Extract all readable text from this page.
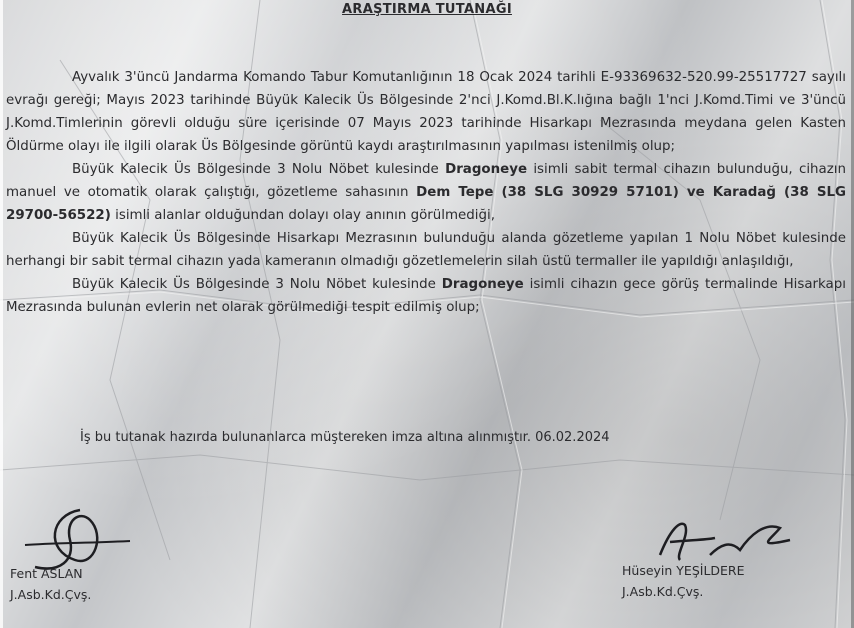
ARAŞTIRMA TUTANAĞI

Ayvalık 3'üncü Jandarma Komando Tabur Komutanlığının 18 Ocak 2024 tarihli E-93369632-520.99-25517727 sayılı evrağı gereği; Mayıs 2023 tarihinde Büyük Kalecik Üs Bölgesinde 2'nci J.Komd.Bl.K.lığına bağlı 1'nci J.Komd.Timi ve 3'üncü J.Komd.Timlerinin görevli olduğu süre içerisinde 07 Mayıs 2023 tarihinde Hisarkapı Mezrasında meydana gelen Kasten Öldürme olayı ile ilgili olarak Üs Bölgesinde görüntü kaydı araştırılmasının yapılması istenilmiş olup;

Büyük Kalecik Üs Bölgesinde 3 Nolu Nöbet kulesinde Dragoneye isimli sabit termal cihazın bulunduğu, cihazın manuel ve otomatik olarak çalıştığı, gözetleme sahasının Dem Tepe (38 SLG 30929 57101) ve Karadağ (38 SLG 29700-56522) isimli alanlar olduğundan dolayı olay anının görülmediği,

Büyük Kalecik Üs Bölgesinde Hisarkapı Mezrasının bulunduğu alanda gözetleme yapılan 1 Nolu Nöbet kulesinde herhangi bir sabit termal cihazın yada kameranın olmadığı gözetlemelerin silah üstü termaller ile yapıldığı anlaşıldığı,

Büyük Kalecik Üs Bölgesinde 3 Nolu Nöbet kulesinde Dragoneye isimli cihazın gece görüş termalinde Hisarkapı Mezrasında bulunan evlerin net olarak görülmediği tespit edilmiş olup;

İş bu tutanak hazırda bulunanlarca müştereken imza altına alınmıştır. 06.02.2024
Fent ASLAN
J.Asb.Kd.Çvş.
Hüseyin YEŞİLDERE
J.Asb.Kd.Çvş.
